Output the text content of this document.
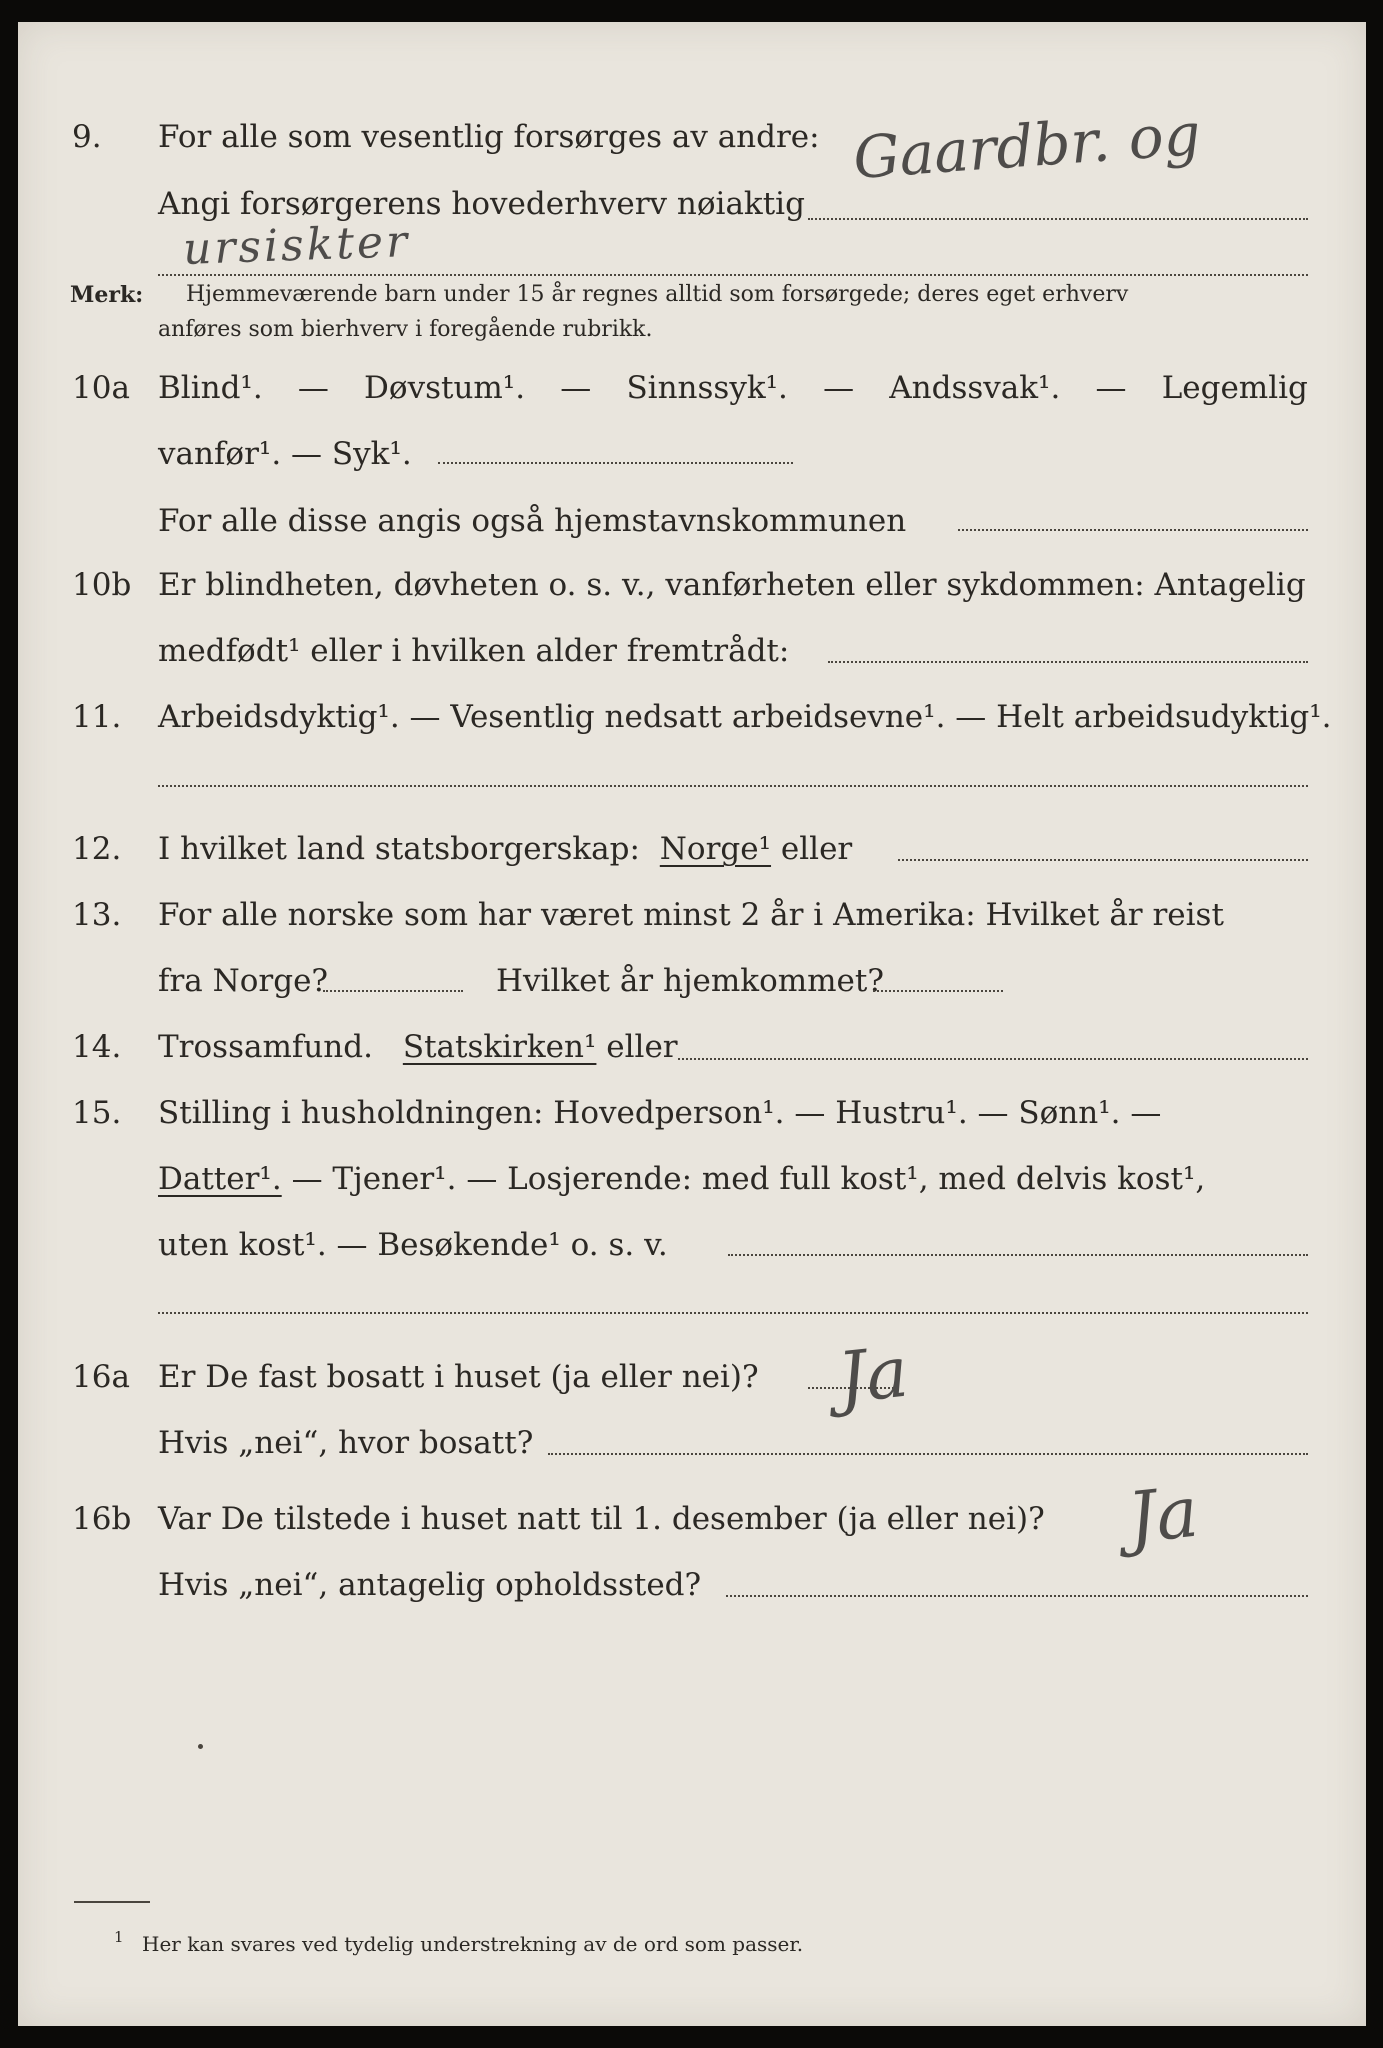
9. For alle som vesentlig forsørges av andre:
Angi forsørgerens hovederhverv nøiaktig
Gaardbr. og
ursiskter
Merk: Hjemmeværende barn under 15 år regnes alltid som forsørgede; deres eget erhverv
anføres som bierhverv i foregående rubrikk.
10a Blind¹. — Døvstum¹. — Sinnssyk¹. — Andssvak¹. — Legemlig
vanfør¹. — Syk¹.
For alle disse angis også hjemstavnskommunen
10b Er blindheten, døvheten o. s. v., vanførheten eller sykdommen: Antagelig
medfødt¹ eller i hvilken alder fremtrådt:
11. Arbeidsdyktig¹. — Vesentlig nedsatt arbeidsevne¹. — Helt arbeidsudyktig¹.
12. I hvilket land statsborgerskap: Norge¹ eller
13. For alle norske som har været minst 2 år i Amerika: Hvilket år reist
fra Norge?	Hvilket år hjemkommet?
14. Trossamfund. Statskirken¹ eller
15. Stilling i husholdningen: Hovedperson¹. — Hustru¹. — Sønn¹. —
Datter¹. — Tjener¹. — Losjerende: med full kost¹, med delvis kost¹,
uten kost¹. — Besøkende¹ o. s. v.
16a Er De fast bosatt i huset (ja eller nei)?
Hvis „nei“, hvor bosatt?
Ja
16b Var De tilstede i huset natt til 1. desember (ja eller nei)?
Hvis „nei“, antagelig opholdssted?
Ja
1 Her kan svares ved tydelig understrekning av de ord som passer.
